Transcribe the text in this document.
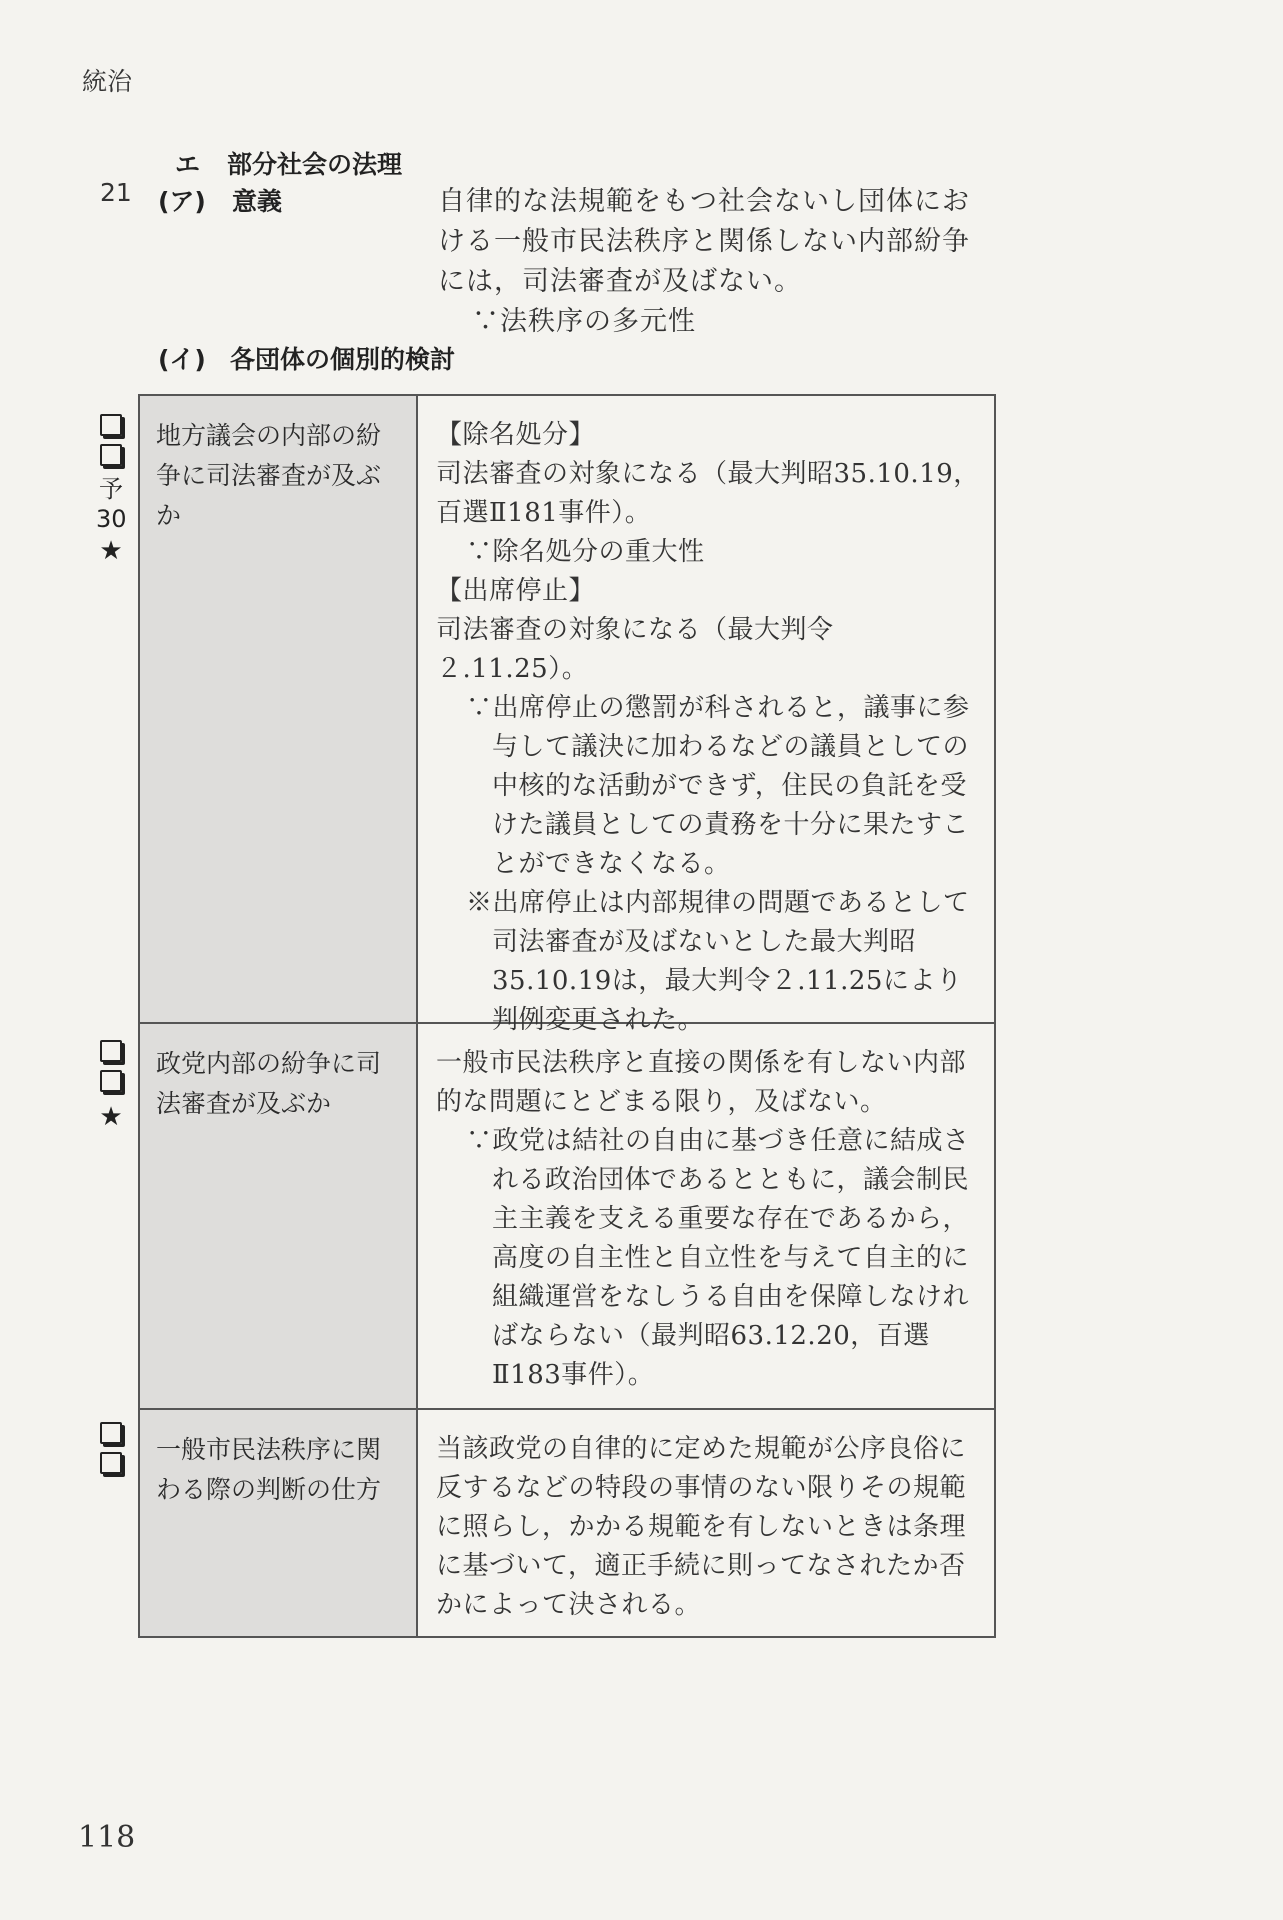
統治
エ 部分社会の法理
21 (ア) 意義	自律的な法規範をもつ社会ないし団体における一般市民法秩序と関係しない内部紛争には，司法審査が及ばない。
∵法秩序の多元性
(イ) 各団体の個別的検討
予
30
★
★
地方議会の内部の紛争に司法審査が及ぶか

【除名処分】

司法審査の対象になる（最大判昭35.10.19，百選Ⅱ181事件）。

∵除名処分の重大性

【出席停止】

司法審査の対象になる（最大判令２.11.25）。

∵出席停止の懲罰が科されると，議事に参与して議決に加わるなどの議員としての中核的な活動ができず，住民の負託を受けた議員としての責務を十分に果たすことができなくなる。

※出席停止は内部規律の問題であるとして司法審査が及ばないとした最大判昭35.10.19は，最大判令２.11.25により判例変更された。

政党内部の紛争に司法審査が及ぶか

一般市民法秩序と直接の関係を有しない内部的な問題にとどまる限り，及ばない。

∵政党は結社の自由に基づき任意に結成される政治団体であるとともに，議会制民主主義を支える重要な存在であるから，高度の自主性と自立性を与えて自主的に組織運営をなしうる自由を保障しなければならない（最判昭63.12.20，百選Ⅱ183事件）。

一般市民法秩序に関わる際の判断の仕方

当該政党の自律的に定めた規範が公序良俗に反するなどの特段の事情のない限りその規範に照らし，かかる規範を有しないときは条理に基づいて，適正手続に則ってなされたか否かによって決される。

118
